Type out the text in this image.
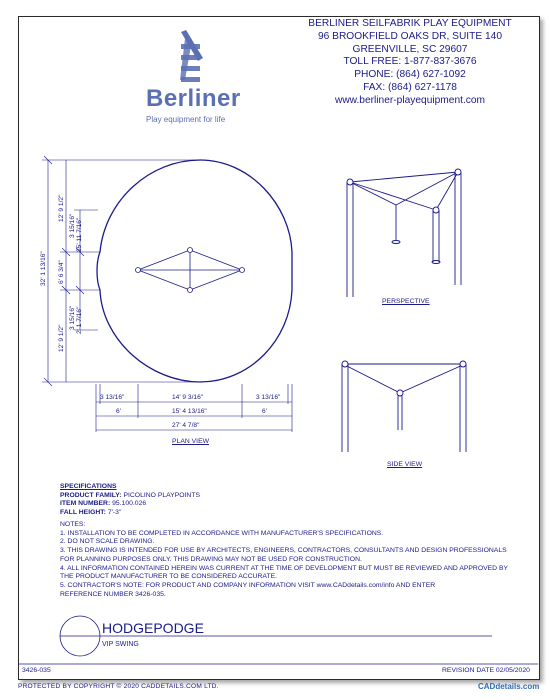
BERLINER SEILFABRIK PLAY EQUIPMENT
96 BROOKFIELD OAKS DR, SUITE 140
GREENVILLE, SC 29607
TOLL FREE: 1-877-837-3676
PHONE: (864) 627-1092
FAX: (864) 627-1178
www.berliner-playequipment.com
Berliner
Play equipment for life
32' 1 13/16"
12' 9 1/2"
12' 9 1/2"
6' 6 3/4"
3 15/16" 25' 11 7/16"
3 15/16" 2' 1 7/16"
3 13/16"	14' 9 3/16"	3 13/16"
6'	15' 4 13/16"	6'
27' 4 7/8"
PLAN VIEW
PERSPECTIVE
SIDE VIEW
SPECIFICATIONS
PRODUCT FAMILY: PICOLINO PLAYPOINTS
ITEM NUMBER: 95.100.026
FALL HEIGHT: 7'-3"
NOTES:
1. INSTALLATION TO BE COMPLETED IN ACCORDANCE WITH MANUFACTURER'S SPECIFICATIONS.
2. DO NOT SCALE DRAWING.
3. THIS DRAWING IS INTENDED FOR USE BY ARCHITECTS, ENGINEERS, CONTRACTORS, CONSULTANTS AND DESIGN PROFESSIONALS
FOR PLANNING PURPOSES ONLY. THIS DRAWING MAY NOT BE USED FOR CONSTRUCTION.
4. ALL INFORMATION CONTAINED HEREIN WAS CURRENT AT THE TIME OF DEVELOPMENT BUT MUST BE REVIEWED AND APPROVED BY
THE PRODUCT MANUFACTURER TO BE CONSIDERED ACCURATE.
5. CONTRACTOR'S NOTE: FOR PRODUCT AND COMPANY INFORMATION VISIT www.CADdetails.com/info AND ENTER
REFERENCE NUMBER 3426-035.
HODGEPODGE
VIP SWING
3426-035	REVISION DATE 02/05/2020
PROTECTED BY COPYRIGHT © 2020 CADDETAILS.COM LTD.	CADdetails.com
